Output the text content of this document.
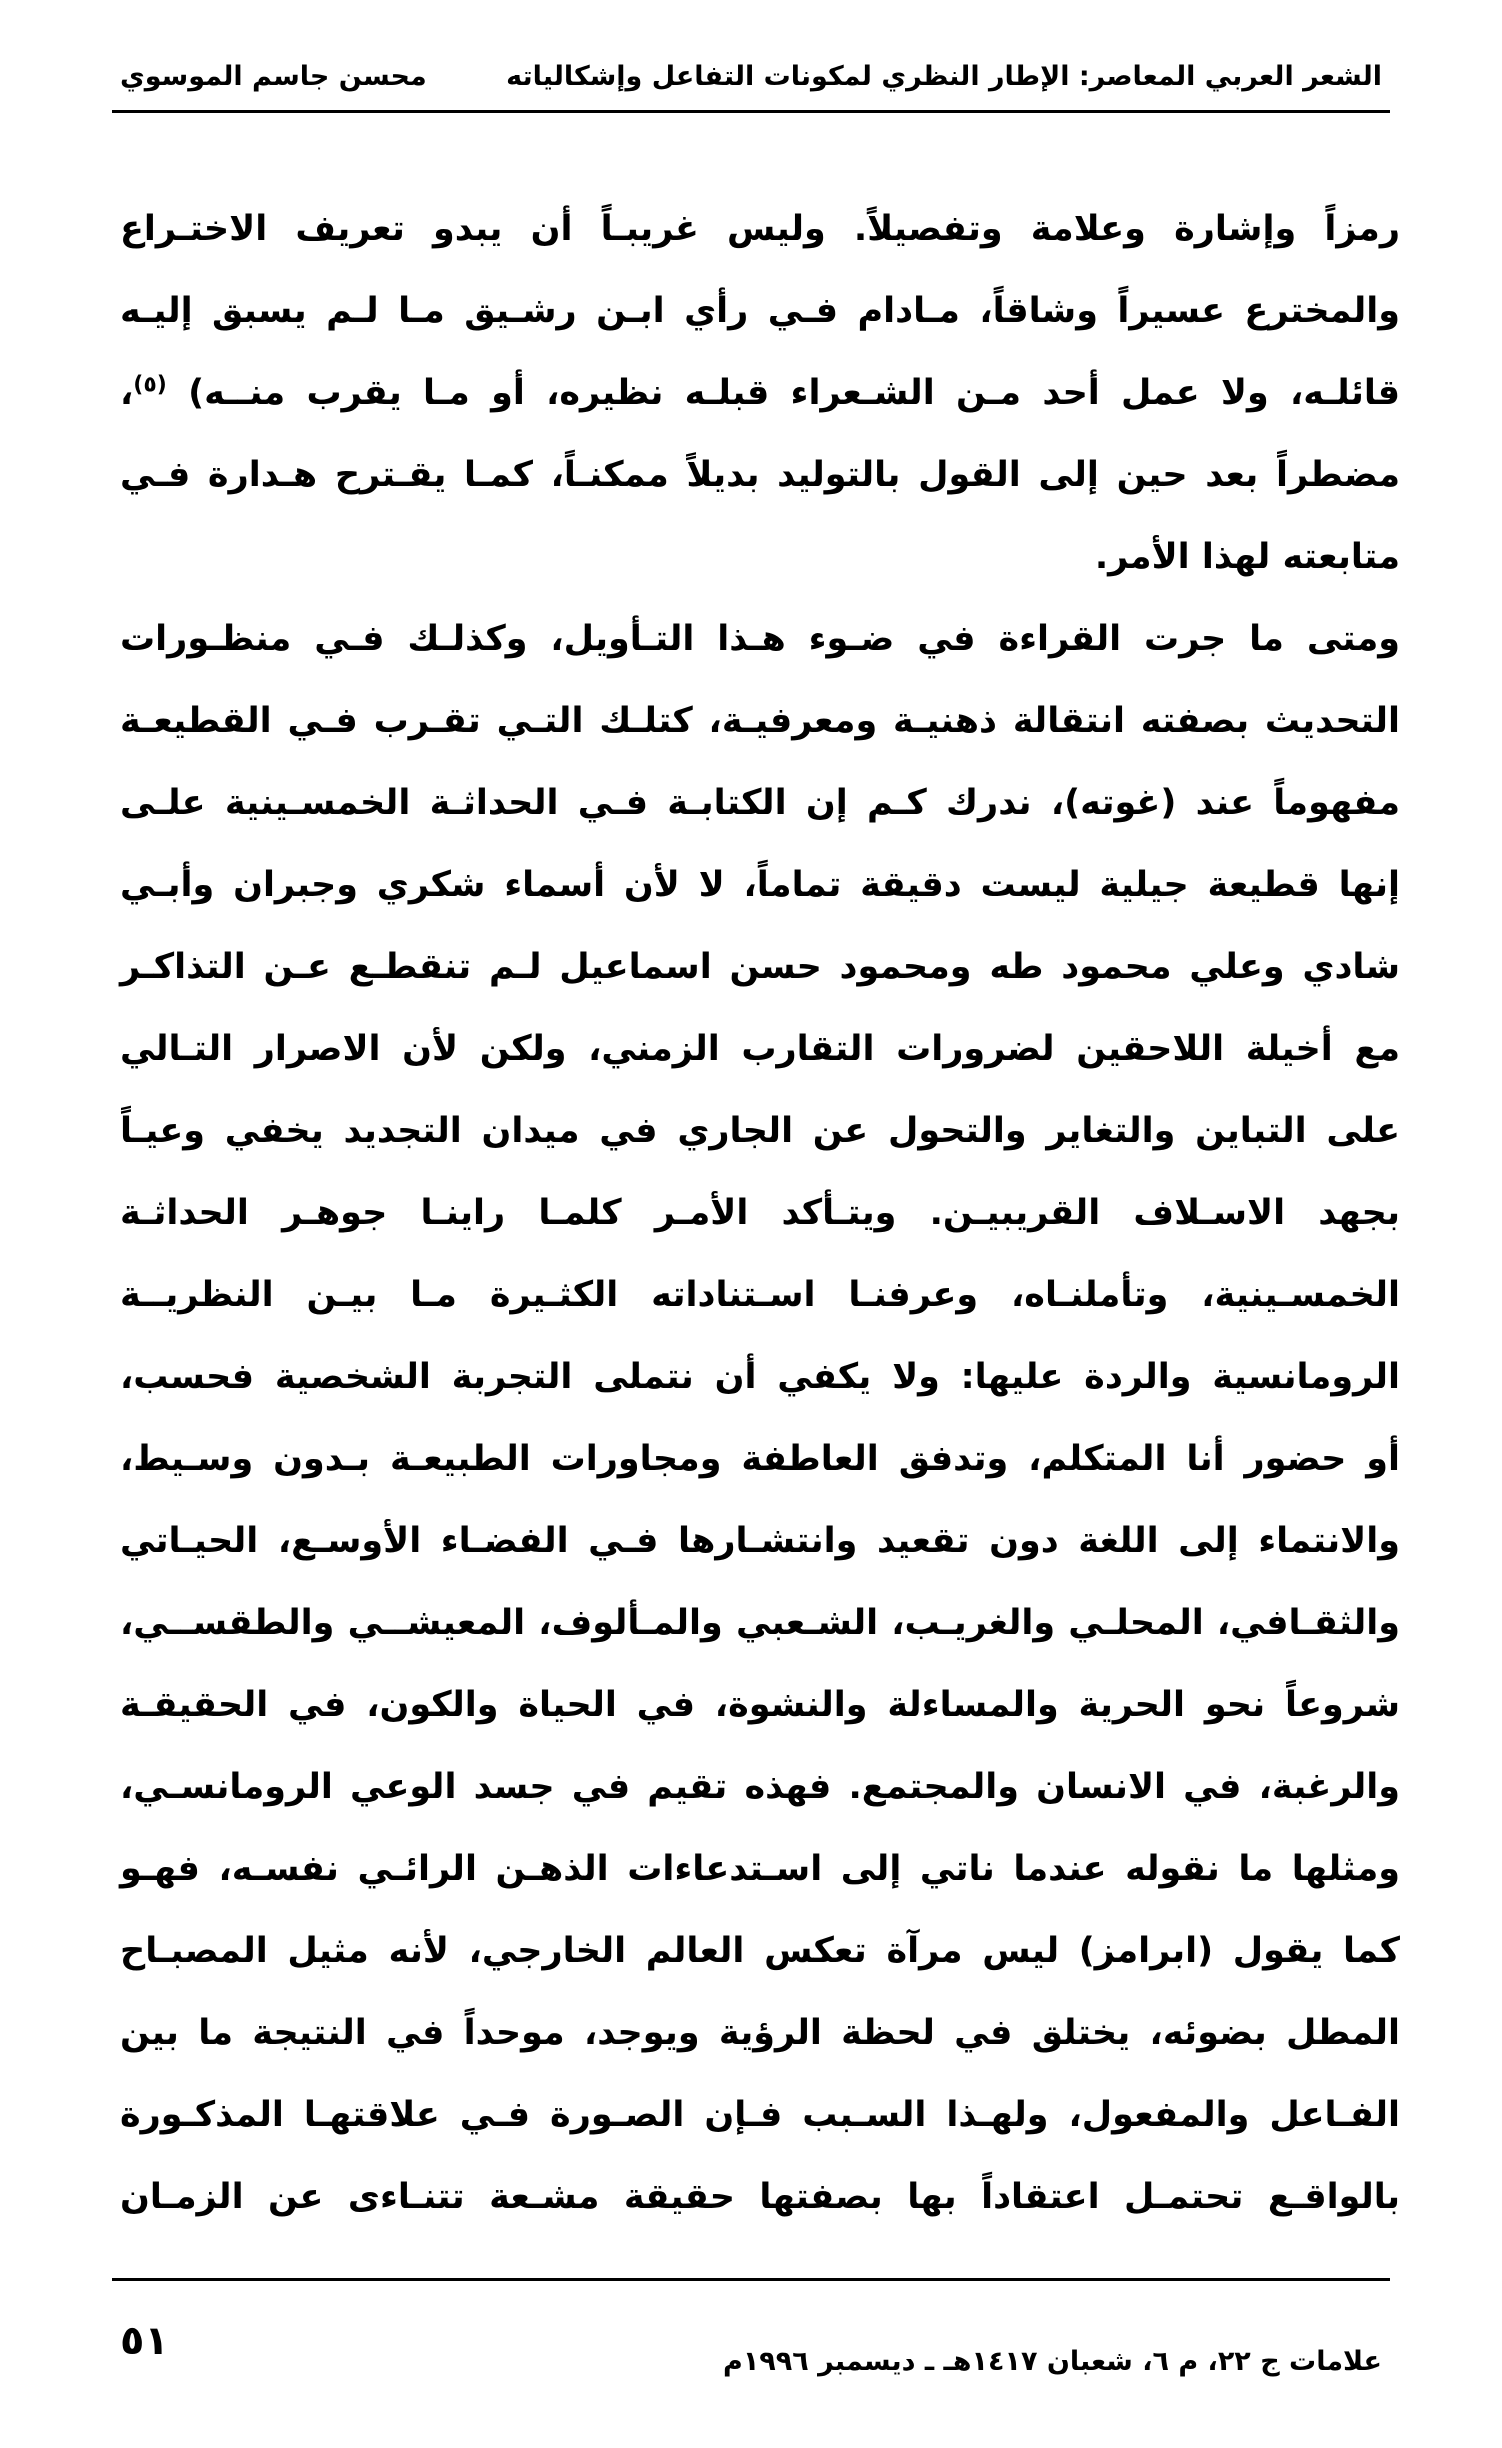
الشعر العربي المعاصر: الإطار النظري لمكونات التفاعل وإشكالياته
محسن جاسم الموسوي
رمزاً وإشارة وعلامة وتفصيلاً. وليس غريبـاً أن يبدو تعريف الاختـراع
والمخترع عسيراً وشاقاً، مـادام فـي رأي ابـن رشـيق مـا لـم يسبق إليـه
قائلـه، ولا عمل أحد مـن الشـعراء قبلـه نظيره، أو مـا يقرب منــه) $^{(٥)}$،
مضطراً بعد حين إلى القول بالتوليد بديلاً ممكنـاً، كمـا يقـترح هـدارة فـي
متابعته لهذا الأمر.
ومتى ما جرت القراءة في ضـوء هـذا التـأويل، وكذلـك فـي منظـورات
التحديث بصفته انتقالة ذهنيـة ومعرفيـة، كتلـك التـي تقـرب فـي القطيعـة
مفهوماً عند (غوته)، ندرك كـم إن الكتابـة فـي الحداثـة الخمسـينية علـى
إنها قطيعة جيلية ليست دقيقة تماماً، لا لأن أسماء شكري وجبران وأبـي
شادي وعلي محمود طه ومحمود حسن اسماعيل لـم تنقطـع عـن التذاكـر
مع أخيلة اللاحقين لضرورات التقارب الزمني، ولكن لأن الاصرار التـالي
على التباين والتغاير والتحول عن الجاري في ميدان التجديد يخفي وعيـاً
بجهد الاسـلاف القريبيـن. ويتـأكد الأمـر كلمـا راينـا جوهـر الحداثـة
الخمسـينية، وتأملنـاه، وعرفنـا اسـتناداته الكثـيرة مـا بيـن النظريــة
الرومانسية والردة عليها: ولا يكفي أن نتملى التجربة الشخصية فحسب،
أو حضور أنا المتكلم، وتدفق العاطفة ومجاورات الطبيعـة بـدون وسـيط،
والانتماء إلى اللغة دون تقعيد وانتشـارها فـي الفضـاء الأوسـع، الحيـاتي
والثقـافي، المحلـي والغريـب، الشـعبي والمـألوف، المعيشــي والطقســي،
شروعاً نحو الحرية والمساءلة والنشوة، في الحياة والكون، في الحقيقـة
والرغبة، في الانسان والمجتمع. فهذه تقيم في جسد الوعي الرومانسـي،
ومثلها ما نقوله عندما ناتي إلى اسـتدعاءات الذهـن الرائـي نفسـه، فهـو
كما يقول (ابرامز) ليس مرآة تعكس العالم الخارجي، لأنه مثيل المصبـاح
المطل بضوئه، يختلق في لحظة الرؤية ويوجد، موحداً في النتيجة ما بين
الفـاعل والمفعول، ولهـذا السـبب فـإن الصـورة فـي علاقتهـا المذكـورة
بالواقـع تحتمـل اعتقاداً بها بصفتها حقيقة مشـعة تتنـاءى عن الزمـان
علامات ج ٢٢، م ٦، شعبان ١٤١٧هـ ـ ديسمبر ١٩٩٦م
٥١
